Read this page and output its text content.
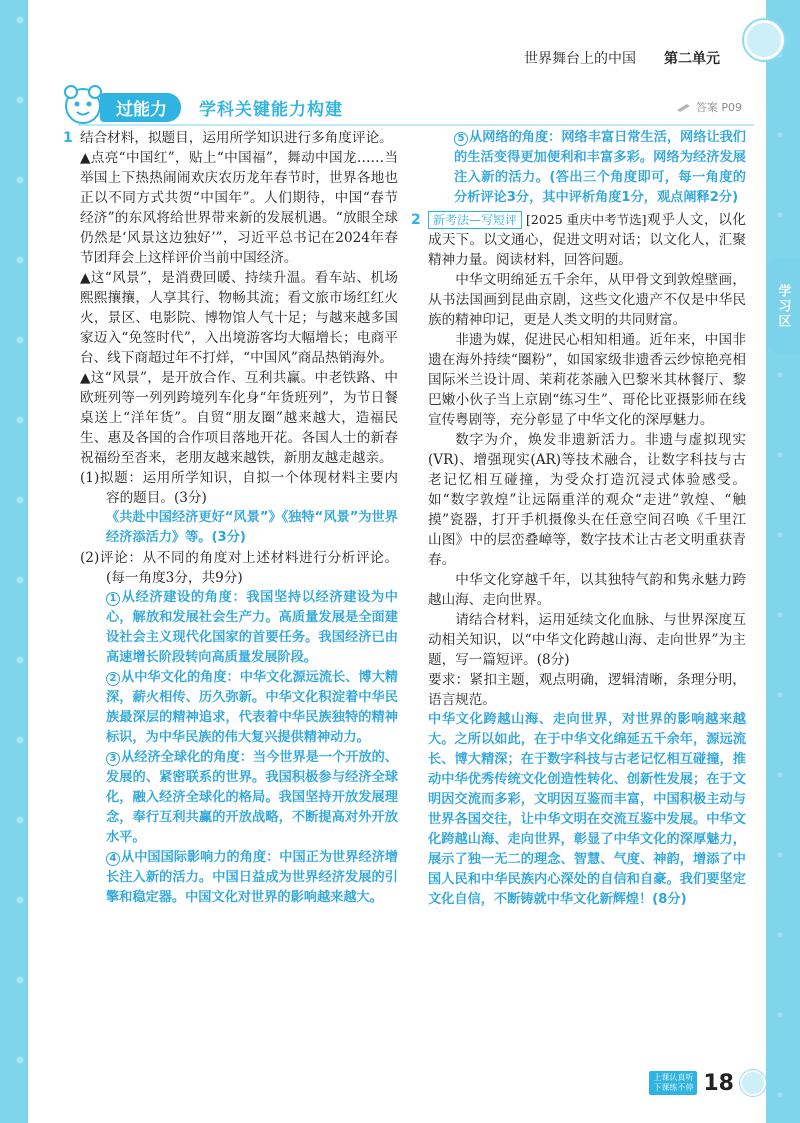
世界舞台上的中国 第二单元
过能力	学科关键能力构建	答案 P09
1 结合材料，拟题目，运用所学知识进行多角度评论。

▲点亮“中国红”，贴上“中国福”，舞动中国龙……当举国上下热热闹闹欢庆农历龙年春节时，世界各地也正以不同方式共贺“中国年”。人们期待，中国“春节经济”的东风将给世界带来新的发展机遇。“放眼全球仍然是‘风景这边独好’”，习近平总书记在2024年春节团拜会上这样评价当前中国经济。

▲这“风景”，是消费回暖、持续升温。看车站、机场熙熙攘攘，人享其行、物畅其流；看文旅市场红红火火，景区、电影院、博物馆人气十足；与越来越多国家迈入“免签时代”，入出境游客均大幅增长；电商平台、线下商超过年不打烊，“中国风”商品热销海外。

▲这“风景”，是开放合作、互利共赢。中老铁路、中欧班列等一列列跨境列车化身“年货班列”，为节日餐桌送上“洋年货”。自贸“朋友圈”越来越大，造福民生、惠及各国的合作项目落地开花。各国人士的新春祝福纷至沓来，老朋友越来越铁，新朋友越走越亲。

(1)拟题：运用所学知识，自拟一个体现材料主要内容的题目。(3分)

《共赴中国经济更好“风景”》《独特“风景”为世界经济添活力》等。(3分)

(2)评论：从不同的角度对上述材料进行分析评论。(每一角度3分，共9分)

1 从经济建设的角度：我国坚持以经济建设为中心，解放和发展社会生产力。高质量发展是全面建设社会主义现代化国家的首要任务。我国经济已由高速增长阶段转向高质量发展阶段。

2 从中华文化的角度：中华文化源远流长、博大精深，薪火相传、历久弥新。中华文化积淀着中华民族最深层的精神追求，代表着中华民族独特的精神标识，为中华民族的伟大复兴提供精神动力。

3 从经济全球化的角度：当今世界是一个开放的、发展的、紧密联系的世界。我国积极参与经济全球化，融入经济全球化的格局。我国坚持开放发展理念，奉行互利共赢的开放战略，不断提高对外开放水平。

4 从中国国际影响力的角度：中国正为世界经济增长注入新的活力。中国日益成为世界经济发展的引擎和稳定器。中国文化对世界的影响越来越大。

5 从网络的角度：网络丰富日常生活，网络让我们的生活变得更加便利和丰富多彩。网络为经济发展注入新的活力。(答出三个角度即可，每一角度的分析评论3分，其中评析角度1分，观点阐释2分)

2	新考法—写短评 [2025 重庆中考节选]观乎人文，以化成天下。以文通心，促进文明对话；以文化人，汇聚精神力量。阅读材料，回答问题。

中华文明绵延五千余年，从甲骨文到敦煌壁画，从书法国画到昆曲京剧，这些文化遗产不仅是中华民族的精神印记，更是人类文明的共同财富。

非遗为媒，促进民心相知相通。近年来，中国非遗在海外持续“圈粉”，如国家级非遗香云纱惊艳亮相国际米兰设计周、茉莉花茶融入巴黎米其林餐厅、黎巴嫩小伙子当上京剧“练习生”、哥伦比亚摄影师在线宣传粤剧等，充分彰显了中华文化的深厚魅力。

数字为介，焕发非遗新活力。非遗与虚拟现实(VR)、增强现实(AR)等技术融合，让数字科技与古老记忆相互碰撞，为受众打造沉浸式体验感受。如“数字敦煌”让远隔重洋的观众“走进”敦煌、“触摸”瓷器，打开手机摄像头在任意空间召唤《千里江山图》中的层峦叠嶂等，数字技术让古老文明重获青春。

中华文化穿越千年，以其独特气韵和隽永魅力跨越山海、走向世界。

请结合材料，运用延续文化血脉、与世界深度互动相关知识，以“中华文化跨越山海、走向世界”为主题，写一篇短评。(8分)

要求：紧扣主题，观点明确，逻辑清晰，条理分明，语言规范。

中华文化跨越山海、走向世界，对世界的影响越来越大。之所以如此，在于中华文化绵延五千余年，源远流长、博大精深；在于数字科技与古老记忆相互碰撞，推动中华优秀传统文化创造性转化、创新性发展；在于文明因交流而多彩，文明因互鉴而丰富，中国积极主动与世界各国交往，让中华文明在交流互鉴中发展。中华文化跨越山海、走向世界，彰显了中华文化的深厚魅力，展示了独一无二的理念、智慧、气度、神韵，增添了中国人民和中华民族内心深处的自信和自豪。我们要坚定文化自信，不断铸就中华文化新辉煌！(8分)

学习区
上课认真听
下课练不停 18
